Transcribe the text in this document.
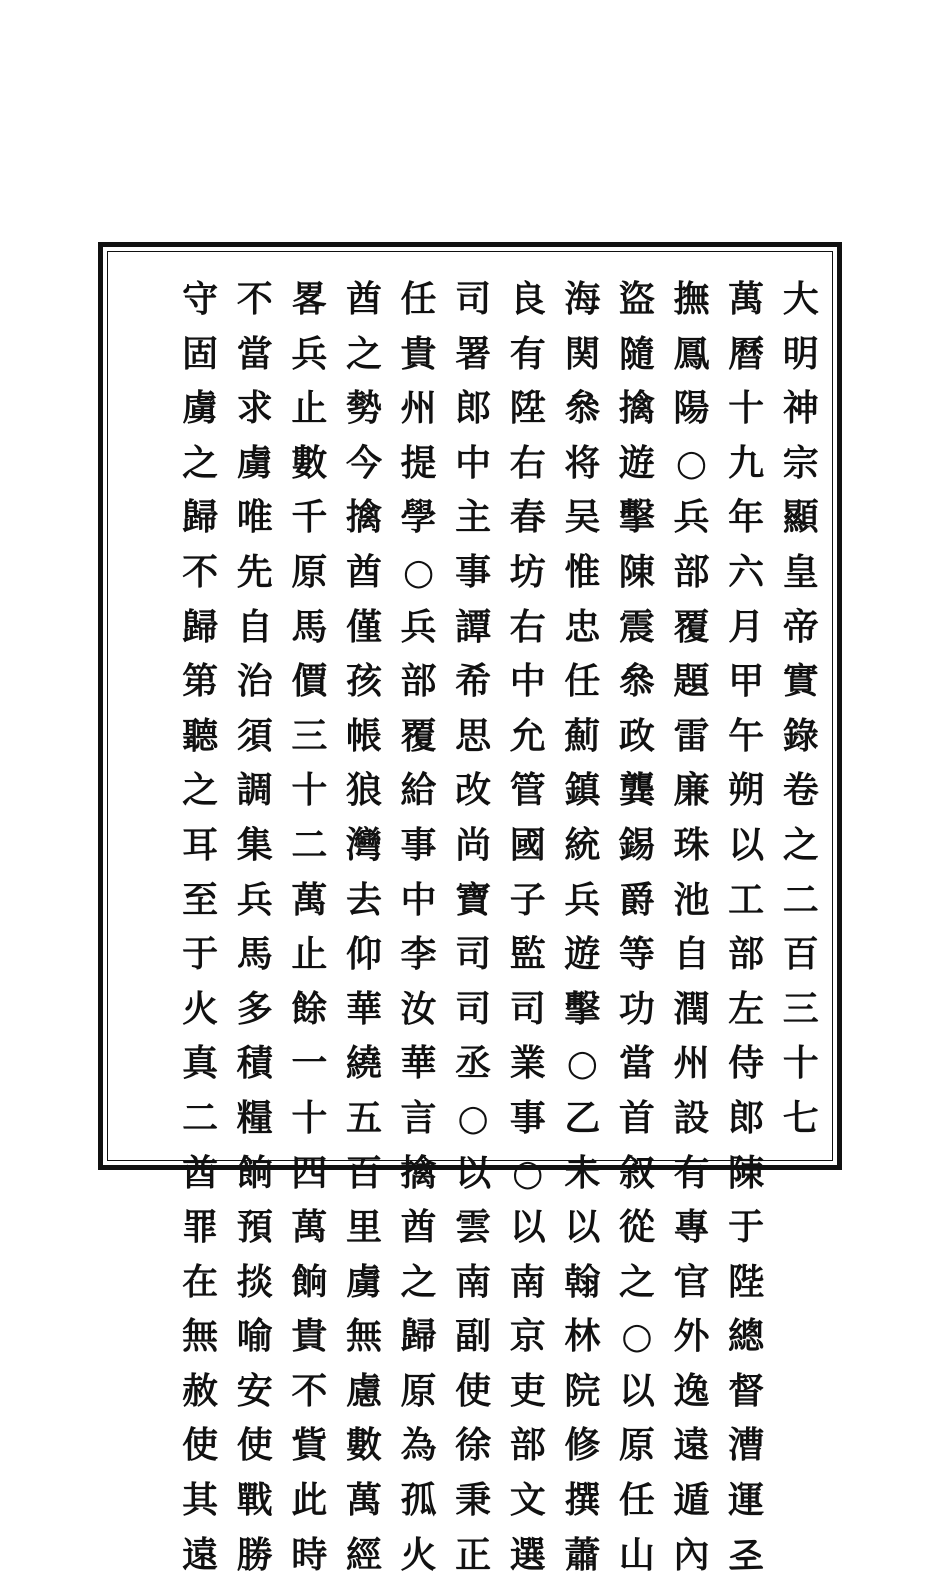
大
明
神
宗
顯
皇
帝
實
錄
卷
之
二
百
三
十
七
萬
曆
十
九
年
六
月
甲
午
朔
以
工
部
左
侍
郎
陳
于
陛
總
督
漕
運
𢀖
撫
鳳
陽
○
兵
部
覆
題
雷
廉
珠
池
自
潤
州
設
有
專
官
外
逸
遠
遁
內
盜
隨
擒
遊
擊
陳
震
叅
政
龔
錫
爵
等
功
當
首
叙
從
之
○
以
原
任
山
海
関
叅
将
吴
惟
忠
任
薊
鎮
統
兵
遊
擊
○
乙
未
以
翰
林
院
修
撰
蕭
良
有
陞
右
春
坊
右
中
允
管
國
子
監
司
業
事
○
以
南
京
吏
部
文
選
司
署
郎
中
主
事
譚
希
思
改
尚
寶
司
司
丞
○
以
雲
南
副
使
徐
秉
正
任
貴
州
提
學
○
兵
部
覆
給
事
中
李
汝
華
言
擒
酋
之
歸
原
為
孤
火
酋
之
勢
今
擒
酋
僅
孩
帳
狼
灣
去
仰
華
繞
五
百
里
虜
無
慮
數
萬
經
畧
兵
止
數
千
原
馬
價
三
十
二
萬
止
餘
一
十
四
萬
餉
貴
不
貲
此
時
不
當
求
虜
唯
先
自
治
須
調
集
兵
馬
多
積
糧
餉
預
掞
喻
安
使
戰
勝
守
固
虜
之
歸
不
歸
第
聽
之
耳
至
于
火
真
二
酋
罪
在
無
赦
使
其
遠
